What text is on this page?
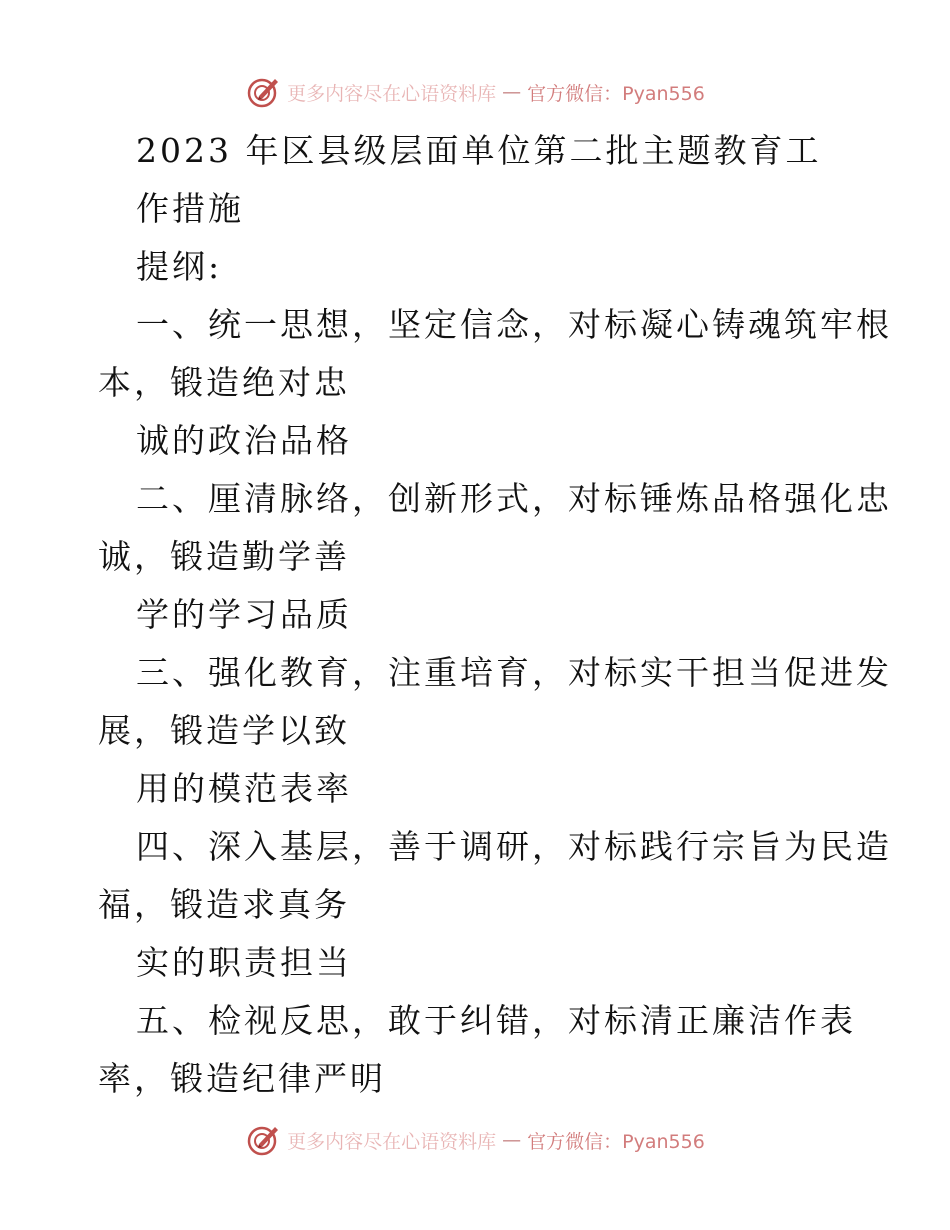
更多内容尽在心语资料库 — 官方微信：Pyan556
2023 年区县级层面单位第二批主题教育工
作措施
提纲:
一、统一思想，坚定信念，对标凝心铸魂筑牢根
本，锻造绝对忠
诚的政治品格
二、厘清脉络，创新形式，对标锤炼品格强化忠
诚，锻造勤学善
学的学习品质
三、强化教育，注重培育，对标实干担当促进发
展，锻造学以致
用的模范表率
四、深入基层，善于调研，对标践行宗旨为民造
福，锻造求真务
实的职责担当
五、检视反思，敢于纠错，对标清正廉洁作表
率，锻造纪律严明
更多内容尽在心语资料库 — 官方微信：Pyan556
